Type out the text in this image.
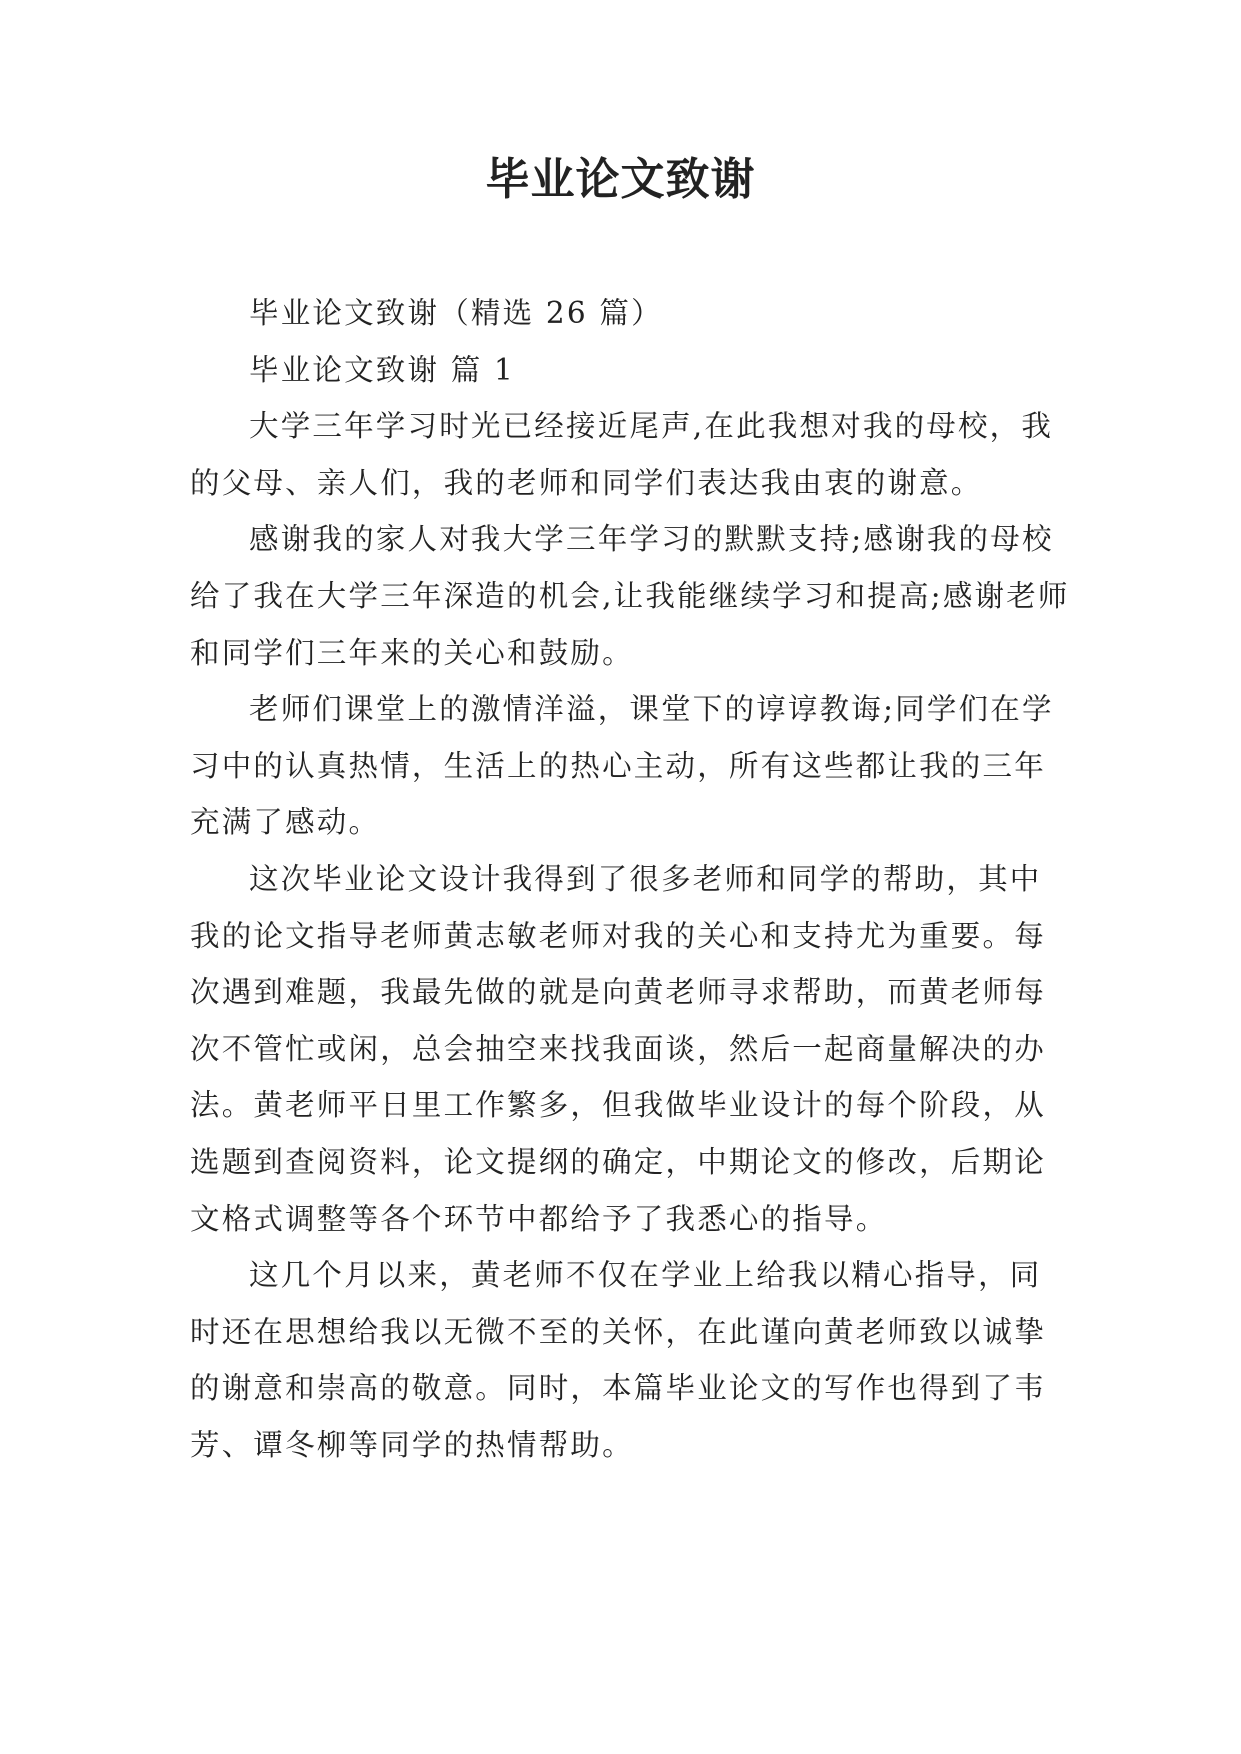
毕业论文致谢

毕业论文致谢（精选 26 篇）

毕业论文致谢 篇 1

大学三年学习时光已经接近尾声,在此我想对我的母校，我的父母、亲人们，我的老师和同学们表达我由衷的谢意。

感谢我的家人对我大学三年学习的默默支持;感谢我的母校给了我在大学三年深造的机会,让我能继续学习和提高;感谢老师和同学们三年来的关心和鼓励。

老师们课堂上的激情洋溢，课堂下的谆谆教诲;同学们在学习中的认真热情，生活上的热心主动，所有这些都让我的三年充满了感动。

这次毕业论文设计我得到了很多老师和同学的帮助，其中我的论文指导老师黄志敏老师对我的关心和支持尤为重要。每次遇到难题，我最先做的就是向黄老师寻求帮助，而黄老师每次不管忙或闲，总会抽空来找我面谈，然后一起商量解决的办法。黄老师平日里工作繁多，但我做毕业设计的每个阶段，从选题到查阅资料，论文提纲的确定，中期论文的修改，后期论文格式调整等各个环节中都给予了我悉心的指导。

这几个月以来，黄老师不仅在学业上给我以精心指导，同时还在思想给我以无微不至的关怀，在此谨向黄老师致以诚挚的谢意和崇高的敬意。同时，本篇毕业论文的写作也得到了韦芳、谭冬柳等同学的热情帮助。
